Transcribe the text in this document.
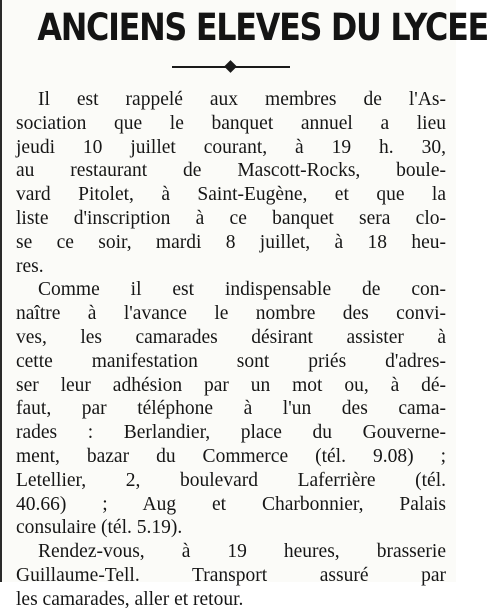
ANCIENS ELEVES DU LYCEE
Il est rappelé aux membres de l'As-
sociation que le banquet annuel a lieu
jeudi 10 juillet courant, à 19 h. 30,
au restaurant de Mascott-Rocks, boule-
vard Pitolet, à Saint-Eugène, et que la
liste d'inscription à ce banquet sera clo-
se ce soir, mardi 8 juillet, à 18 heu-
res.
Comme il est indispensable de con-
naître à l'avance le nombre des convi-
ves, les camarades désirant assister à
cette manifestation sont priés d'adres-
ser leur adhésion par un mot ou, à dé-
faut, par téléphone à l'un des cama-
rades : Berlandier, place du Gouverne-
ment, bazar du Commerce (tél. 9.08) ;
Letellier, 2, boulevard Laferrière (tél.
40.66) ; Aug et Charbonnier, Palais
consulaire (tél. 5.19).
Rendez-vous, à 19 heures, brasserie
Guillaume-Tell. Transport assuré par
les camarades, aller et retour.
